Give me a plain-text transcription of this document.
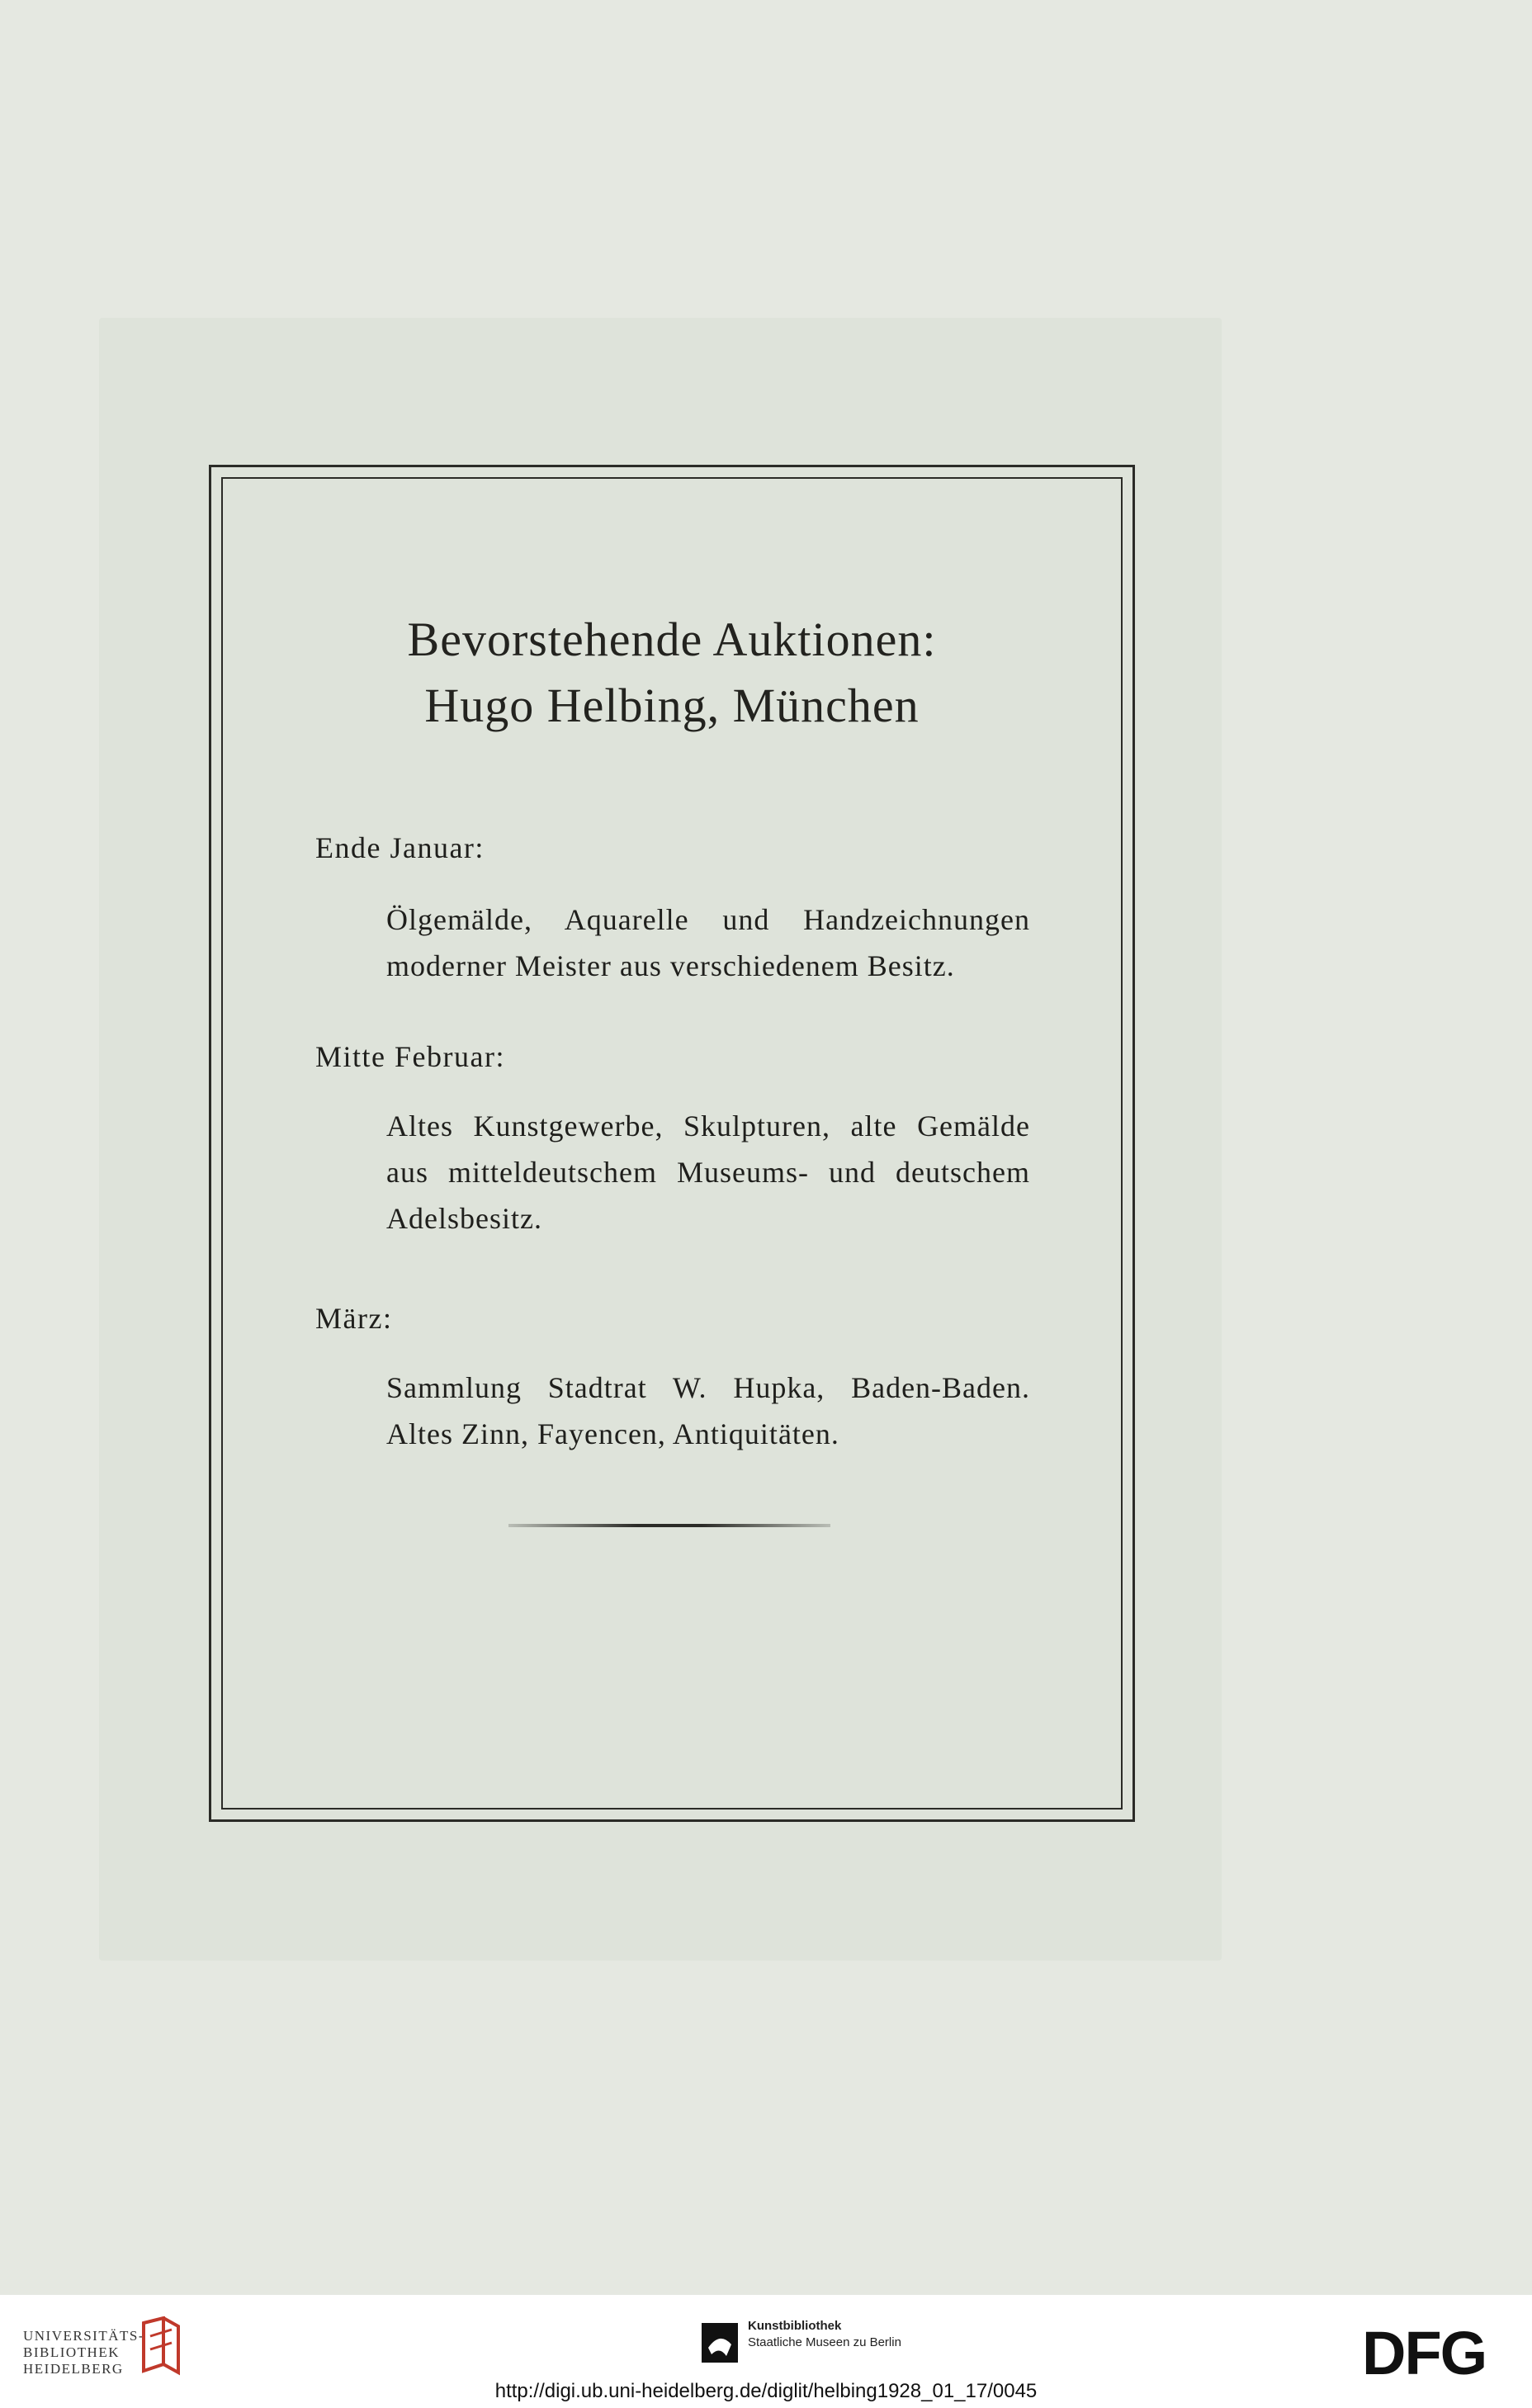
Bevorstehende Auktionen:
Hugo Helbing, München
Ende Januar:
Ölgemälde, Aquarelle und Handzeichnungen
moderner Meister aus verschiedenem Besitz.
Mitte Februar:
Altes Kunstgewerbe, Skulpturen, alte Gemälde
aus mitteldeutschem Museums- und deutschem
Adelsbesitz.
März:
Sammlung Stadtrat W. Hupka, Baden-Baden.
Altes Zinn, Fayencen, Antiquitäten.
UNIVERSITÄTS-
BIBLIOTHEK
HEIDELBERG
Kunstbibliothek
Staatliche Museen zu Berlin	DFG
http://digi.ub.uni-heidelberg.de/diglit/helbing1928_01_17/0045
